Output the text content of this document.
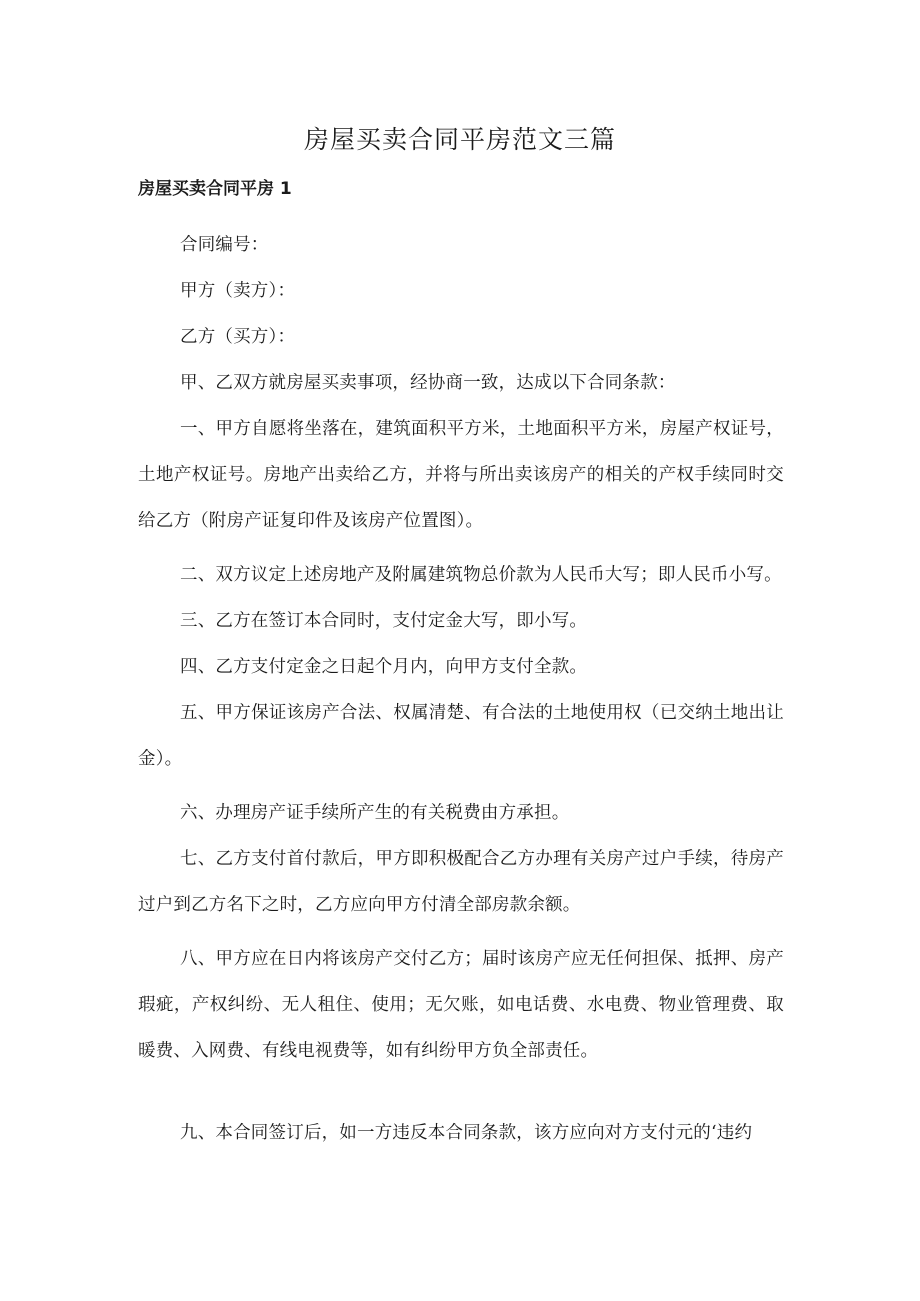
房屋买卖合同平房范文三篇
房屋买卖合同平房 1

合同编号：

甲方（卖方）：

乙方（买方）：

甲、乙双方就房屋买卖事项，经协商一致，达成以下合同条款：

一、甲方自愿将坐落在，建筑面积平方米，土地面积平方米，房屋产权证号，土地产权证号。房地产出卖给乙方，并将与所出卖该房产的相关的产权手续同时交给乙方（附房产证复印件及该房产位置图）。

二、双方议定上述房地产及附属建筑物总价款为人民币大写；即人民币小写。

三、乙方在签订本合同时，支付定金大写，即小写。

四、乙方支付定金之日起个月内，向甲方支付全款。

五、甲方保证该房产合法、权属清楚、有合法的土地使用权（已交纳土地出让金）。

六、办理房产证手续所产生的有关税费由方承担。

七、乙方支付首付款后，甲方即积极配合乙方办理有关房产过户手续，待房产过户到乙方名下之时，乙方应向甲方付清全部房款余额。

八、甲方应在日内将该房产交付乙方；届时该房产应无任何担保、抵押、房产瑕疵，产权纠纷、无人租住、使用；无欠账，如电话费、水电费、物业管理费、取暖费、入网费、有线电视费等，如有纠纷甲方负全部责任。

九、本合同签订后，如一方违反本合同条款，该方应向对方支付元的‘违约
